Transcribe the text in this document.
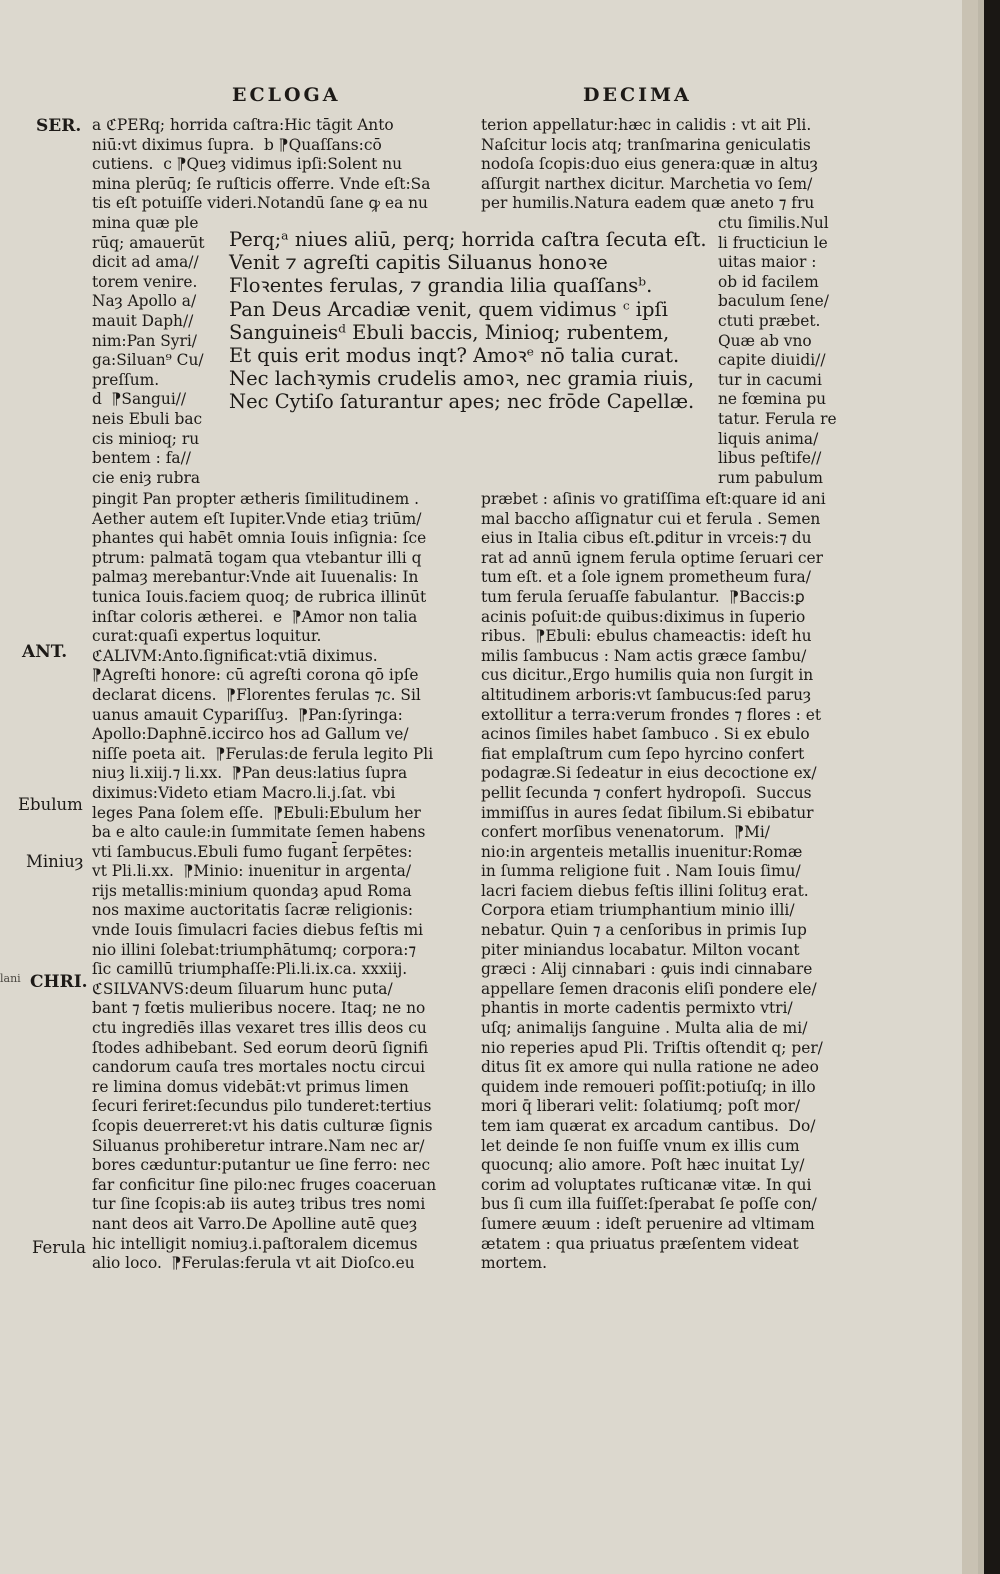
ECLOGA	DECIMA
SER.
ANT.
Ebulum
Miniuȝ
CHRI.
Ferula
lani
a ℭPERq; horrida caſtra:Hic tāgit Anto
niū:vt diximus ſupra.  b ⁋Quaſſans:cō
cutiens.  c ⁋Queȝ vidimus ipſi:Solent nu
mina plerūq; ſe ruſticis offerre. Vnde eſt:Sa
tis eſt potuiſſe videri.Notandū ſane ꝙ ea nu
mina quæ ple
rūq; amauerūt
dicit ad ama//
torem venire.
Naȝ Apollo a/
mauit Daph//
nim:Pan Syri/
ga:Siluan⁹ Cu/
preſſum.
d  ⁋Sangui//
neis Ebuli bac
cis minioq; ru
bentem : fa//
cie eniȝ rubra
Perq;ᵃ niues aliū, perq; horrida caſtra ſecuta eſt.
Venit ⁊ agreſti capitis Siluanus honoꝛe
Floꝛentes ferulas, ⁊ grandia lilia quaſſansᵇ.
Pan Deus Arcadiæ venit, quem vidimus ᶜ ipſi
Sanguineisᵈ Ebuli baccis, Minioq; rubentem,
Et quis erit modus inqt? Amoꝛᵉ nō talia curat.
Nec lachꝛymis crudelis amoꝛ, nec gramia riuis,
Nec Cytiſo ſaturantur apes; nec frōde Capellæ.
pingit Pan propter ætheris ſimilitudinem .
Aether autem eſt Iupiter.Vnde etiaȝ triūm/
phantes qui habēt omnia Iouis inſignia: ſce
ptrum: palmatā togam qua vtebantur illi q
palmaȝ merebantur:Vnde ait Iuuenalis: In
tunica Iouis.faciem quoq; de rubrica illinūt
inſtar coloris ætherei.  e  ⁋Amor non talia
curat:quaſi expertus loquitur.
ℭALIVM:Anto.ſignificat:vtiā diximus.
⁋Agreſti honore: cū agreſti corona qō ipſe
declarat dicens.  ⁋Florentes ferulas ⁊c. Sil
uanus amauit Cypariſſuȝ.  ⁋Pan:ſyringa:
Apollo:Daphnē.iccirco hos ad Gallum ve/
niſſe poeta ait.  ⁋Ferulas:de ferula legito Pli
niuȝ li.xiij.⁊ li.xx.  ⁋Pan deus:latius ſupra
diximus:Videto etiam Macro.li.j.ſat. vbi
leges Pana ſolem eſſe.  ⁋Ebuli:Ebulum her
ba e alto caule:in ſummitate ſemen habens
vti ſambucus.Ebuli fumo fugant̄ ſerpētes:
vt Pli.li.xx.  ⁋Minio: inuenitur in argenta/
rijs metallis:minium quondaȝ apud Roma
nos maxime auctoritatis ſacræ religionis:
vnde Iouis ſimulacri facies diebus feſtis mi
nio illini ſolebat:triumphātumq; corpora:⁊
ſic camillū triumphaſſe:Pli.li.ix.ca. xxxiij.
ℭSILVANVS:deum ſiluarum hunc puta/
bant ⁊ fœtis mulieribus nocere. Itaq; ne no
ctu ingrediēs illas vexaret tres illis deos cu
ſtodes adhibebant. Sed eorum deorū ſignifi
candorum cauſa tres mortales noctu circui
re limina domus videbāt:vt primus limen
ſecuri feriret:ſecundus pilo tunderet:tertius
ſcopis deuerreret:vt his datis culturæ ſignis
Siluanus prohiberetur intrare.Nam nec ar/
bores cæduntur:putantur ue ſine ferro: nec
far conficitur ſine pilo:nec fruges coaceruan
tur ſine ſcopis:ab iis auteȝ tribus tres nomi
nant deos ait Varro.De Apolline autē queȝ
hic intelligit nomiuȝ.i.paſtoralem dicemus
alio loco.  ⁋Ferulas:ferula vt ait Dioſco.eu
terion appellatur:hæc in calidis : vt ait Pli.
Naſcitur locis atq; tranſmarina geniculatis
nodoſa ſcopis:duo eius genera:quæ in altuȝ
aſſurgit narthex dicitur. Marchetia vo ſem/
per humilis.Natura eadem quæ aneto ⁊ fru
ctu ſimilis.Nul
li fructiciun le
uitas maior :
ob id facilem
baculum ſene/
ctuti præbet.
Quæ ab vno
capite diuidi//
tur in cacumi
ne fœmina pu
tatur. Ferula re
liquis anima/
libus peſtife//
rum pabulum
præbet : aſinis vo gratiſſima eſt:quare id ani
mal baccho aſſignatur cui et ferula . Semen
eius in Italia cibus eſt.ꝑditur in vrceis:⁊ du
rat ad annū ignem ferula optime ſeruari cer
tum eſt. et a ſole ignem prometheum fura/
tum ferula ſeruaſſe fabulantur.  ⁋Baccis:ꝑ
acinis poſuit:de quibus:diximus in ſuperio
ribus.  ⁋Ebuli: ebulus chameactis: ideſt hu
milis ſambucus : Nam actis græce ſambu/
cus dicitur.‚Ergo humilis quia non ſurgit in
altitudinem arboris:vt ſambucus:ſed paruȝ
extollitur a terra:verum frondes ⁊ flores : et
acinos ſimiles habet ſambuco . Si ex ebulo
fiat emplaſtrum cum ſepo hyrcino confert
podagræ.Si ſedeatur in eius decoctione ex/
pellit ſecunda ⁊ confert hydropoſi.  Succus
immiſſus in aures ſedat ſibilum.Si ebibatur
confert morſibus venenatorum.  ⁋Mi/
nio:in argenteis metallis inuenitur:Romæ
in ſumma religione fuit . Nam Iouis ſimu/
lacri faciem diebus feſtis illini ſolituȝ erat.
Corpora etiam triumphantium minio illi/
nebatur. Quin ⁊ a cenſoribus in primis Iup
piter miniandus locabatur. Milton vocant
græci : Alij cinnabari : ꝙuis indi cinnabare
appellare ſemen draconis eliſi pondere ele/
phantis in morte cadentis permixto vtri/
uſq; animalijs ſanguine . Multa alia de mi/
nio reperies apud Pli. Triſtis oſtendit q; per/
ditus ſit ex amore qui nulla ratione ne adeo
quidem inde remoueri poſſit:potiuſq; in illo
mori q̄ liberari velit: ſolatiumq; poſt mor/
tem iam quærat ex arcadum cantibus.  Do/
let deinde ſe non fuiſſe vnum ex illis cum
quocunq; alio amore. Poſt hæc inuitat Ly/
corim ad voluptates ruſticanæ vitæ. In qui
bus ſi cum illa fuiſſet:ſperabat ſe poſſe con/
ſumere æuum : ideſt peruenire ad vltimam
ætatem : qua priuatus præſentem videat
mortem.
